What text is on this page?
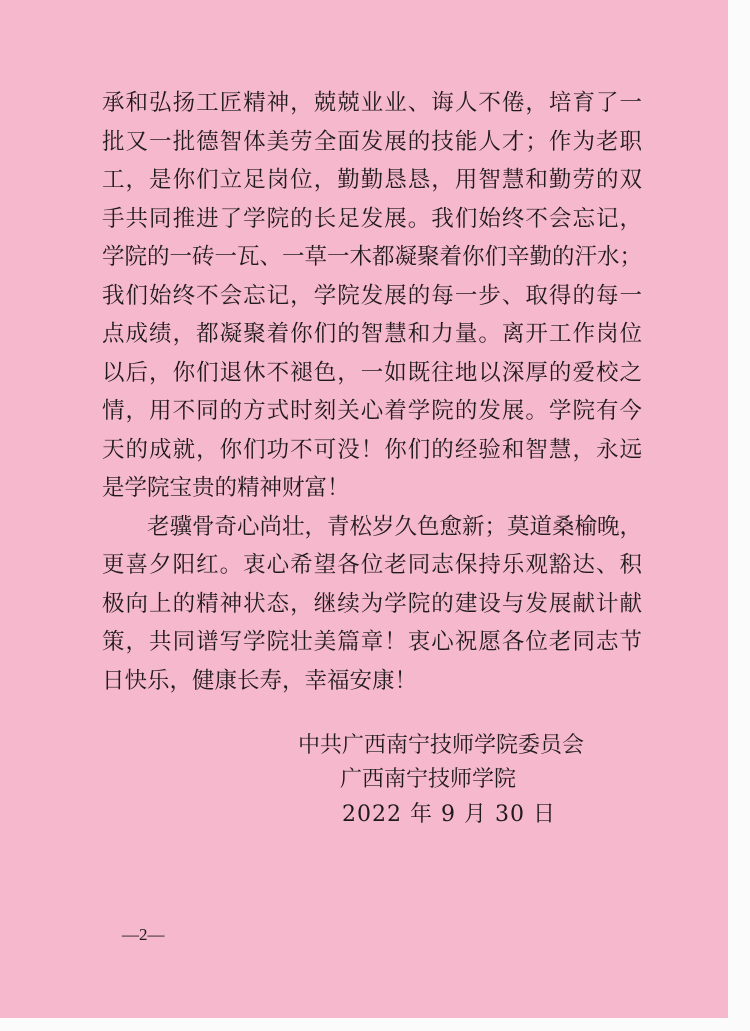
承和弘扬工匠精神，兢兢业业、诲人不倦，培育了一
批又一批德智体美劳全面发展的技能人才；作为老职
工，是你们立足岗位，勤勤恳恳，用智慧和勤劳的双
手共同推进了学院的长足发展。我们始终不会忘记，
学院的一砖一瓦、一草一木都凝聚着你们辛勤的汗水；
我们始终不会忘记，学院发展的每一步、取得的每一
点成绩，都凝聚着你们的智慧和力量。离开工作岗位
以后，你们退休不褪色，一如既往地以深厚的爱校之
情，用不同的方式时刻关心着学院的发展。学院有今
天的成就，你们功不可没！你们的经验和智慧，永远
是学院宝贵的精神财富！
老骥骨奇心尚壮，青松岁久色愈新；莫道桑榆晚，
更喜夕阳红。衷心希望各位老同志保持乐观豁达、积
极向上的精神状态，继续为学院的建设与发展献计献
策，共同谱写学院壮美篇章！衷心祝愿各位老同志节
日快乐，健康长寿，幸福安康！
中共广西南宁技师学院委员会
广西南宁技师学院
2022 年 9 月 30 日
—2—
